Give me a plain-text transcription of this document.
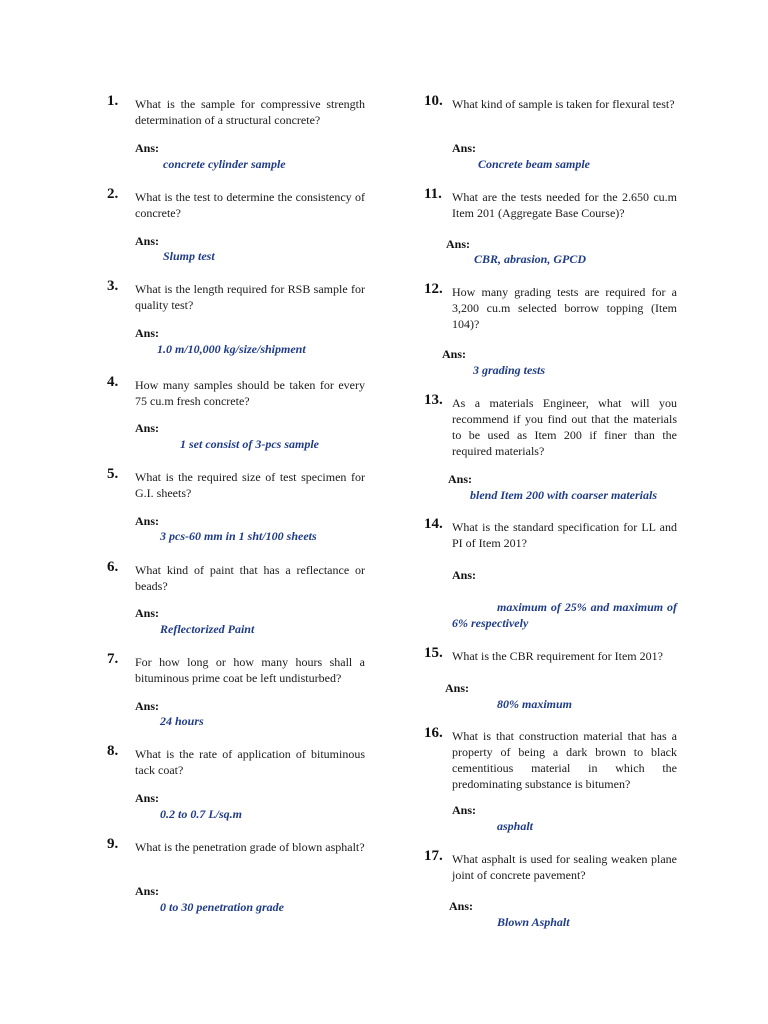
1.	What is the sample for compressive strength determination of a structural concrete?

Ans:
concrete cylinder sample
2.	What is the test to determine the consistency of concrete?

Ans:
Slump test
3.	What is the length required for RSB sample for quality test?

Ans:
1.0 m/10,000 kg/size/shipment
4.	How many samples should be taken for every 75 cu.m fresh concrete?

Ans:
1 set consist of 3-pcs sample
5.	What is the required size of test specimen for G.I. sheets?

Ans:
3 pcs-60 mm in 1 sht/100 sheets
6.	What kind of paint that has a reflectance or beads?

Ans:
Reflectorized Paint
7.	For how long or how many hours shall a bituminous prime coat be left undisturbed?

Ans:
24 hours
8.	What is the rate of application of bituminous tack coat?

Ans:
0.2 to 0.7 L/sq.m
9.	What is the penetration grade of blown asphalt?

Ans:
0 to 30 penetration grade
10. What kind of sample is taken for flexural test?

Ans:
Concrete beam sample
11. What are the tests needed for the 2.650 cu.m Item 201 (Aggregate Base Course)?

Ans:
CBR, abrasion, GPCD
12. How many grading tests are required for a 3,200 cu.m selected borrow topping (Item 104)?

Ans:
3 grading tests
13. As a materials Engineer, what will you recommend if you find out that the materials to be used as Item 200 if finer than the required materials?

Ans:
blend Item 200 with coarser materials
14. What is the standard specification for LL and PI of Item 201?

Ans:
maximum of 25% and maximum of 6% respectively
15. What is the CBR requirement for Item 201?

Ans:
80% maximum
16. What is that construction material that has a property of being a dark brown to black cementitious material in which the predominating substance is bitumen?

Ans:
asphalt
17. What asphalt is used for sealing weaken plane joint of concrete pavement?

Ans:
Blown Asphalt
